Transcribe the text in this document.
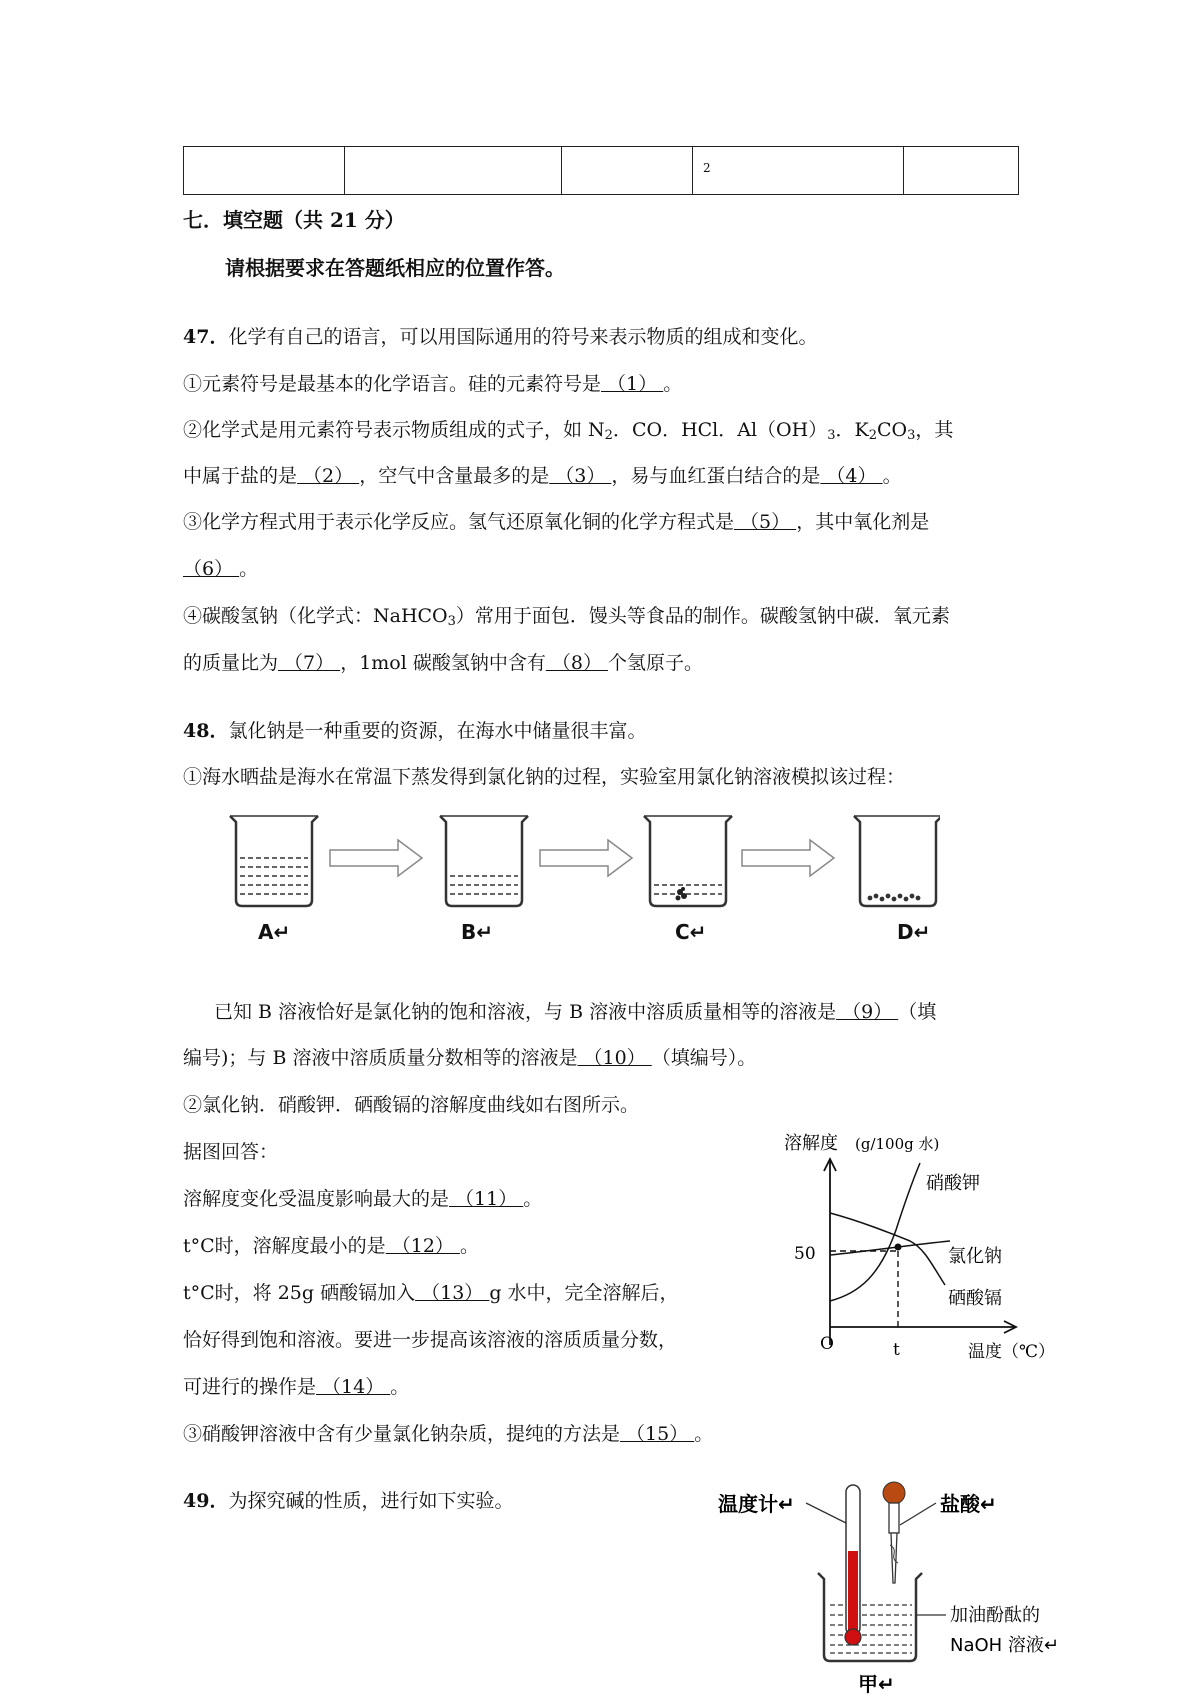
			2	
七．填空题（共 21 分）
请根据要求在答题纸相应的位置作答。
47．化学有自己的语言，可以用国际通用的符号来表示物质的组成和变化。
①元素符号是最基本的化学语言。硅的元素符号是 （1） 。
②化学式是用元素符号表示物质组成的式子，如 $N_2$．CO．HCl．$Al(OH)_3$．$K_2CO_3$，其
中属于盐的是 （2） ，空气中含量最多的是 （3） ，易与血红蛋白结合的是 （4） 。
③化学方程式用于表示化学反应。氢气还原氧化铜的化学方程式是 （5） ，其中氧化剂是
（6） 。
④碳酸氢钠（化学式：NaHCO$_3$）常用于面包．馒头等食品的制作。碳酸氢钠中碳．氧元素
的质量比为 （7） ，1mol 碳酸氢钠中含有 （8） 个氢原子。
48．氯化钠是一种重要的资源，在海水中储量很丰富。
①海水晒盐是海水在常温下蒸发得到氯化钠的过程，实验室用氯化钠溶液模拟该过程：
A↵	B↵	C↵	D↵
已知 B 溶液恰好是氯化钠的饱和溶液，与 B 溶液中溶质质量相等的溶液是 （9） （填
编号)；与 B 溶液中溶质质量分数相等的溶液是 （10） （填编号）。
②氯化钠．硝酸钾．硒酸镉的溶解度曲线如右图所示。
据图回答：
溶解度变化受温度影响最大的是 （11） 。
t°C时，溶解度最小的是 （12） 。
t°C时，将 25g 硒酸镉加入 （13） g 水中，完全溶解后，
恰好得到饱和溶液。要进一步提高该溶液的溶质质量分数，
可进行的操作是 （14） 。
③硝酸钾溶液中含有少量氯化钠杂质，提纯的方法是 （15） 。
溶解度 (g/100g 水)
硝酸钾
氯化钠
硒酸镉
50
O	t	温度（℃）
49．为探究碱的性质，进行如下实验。	温度计↵	盐酸↵
加油酚酞的
NaOH 溶液↵
甲↵
